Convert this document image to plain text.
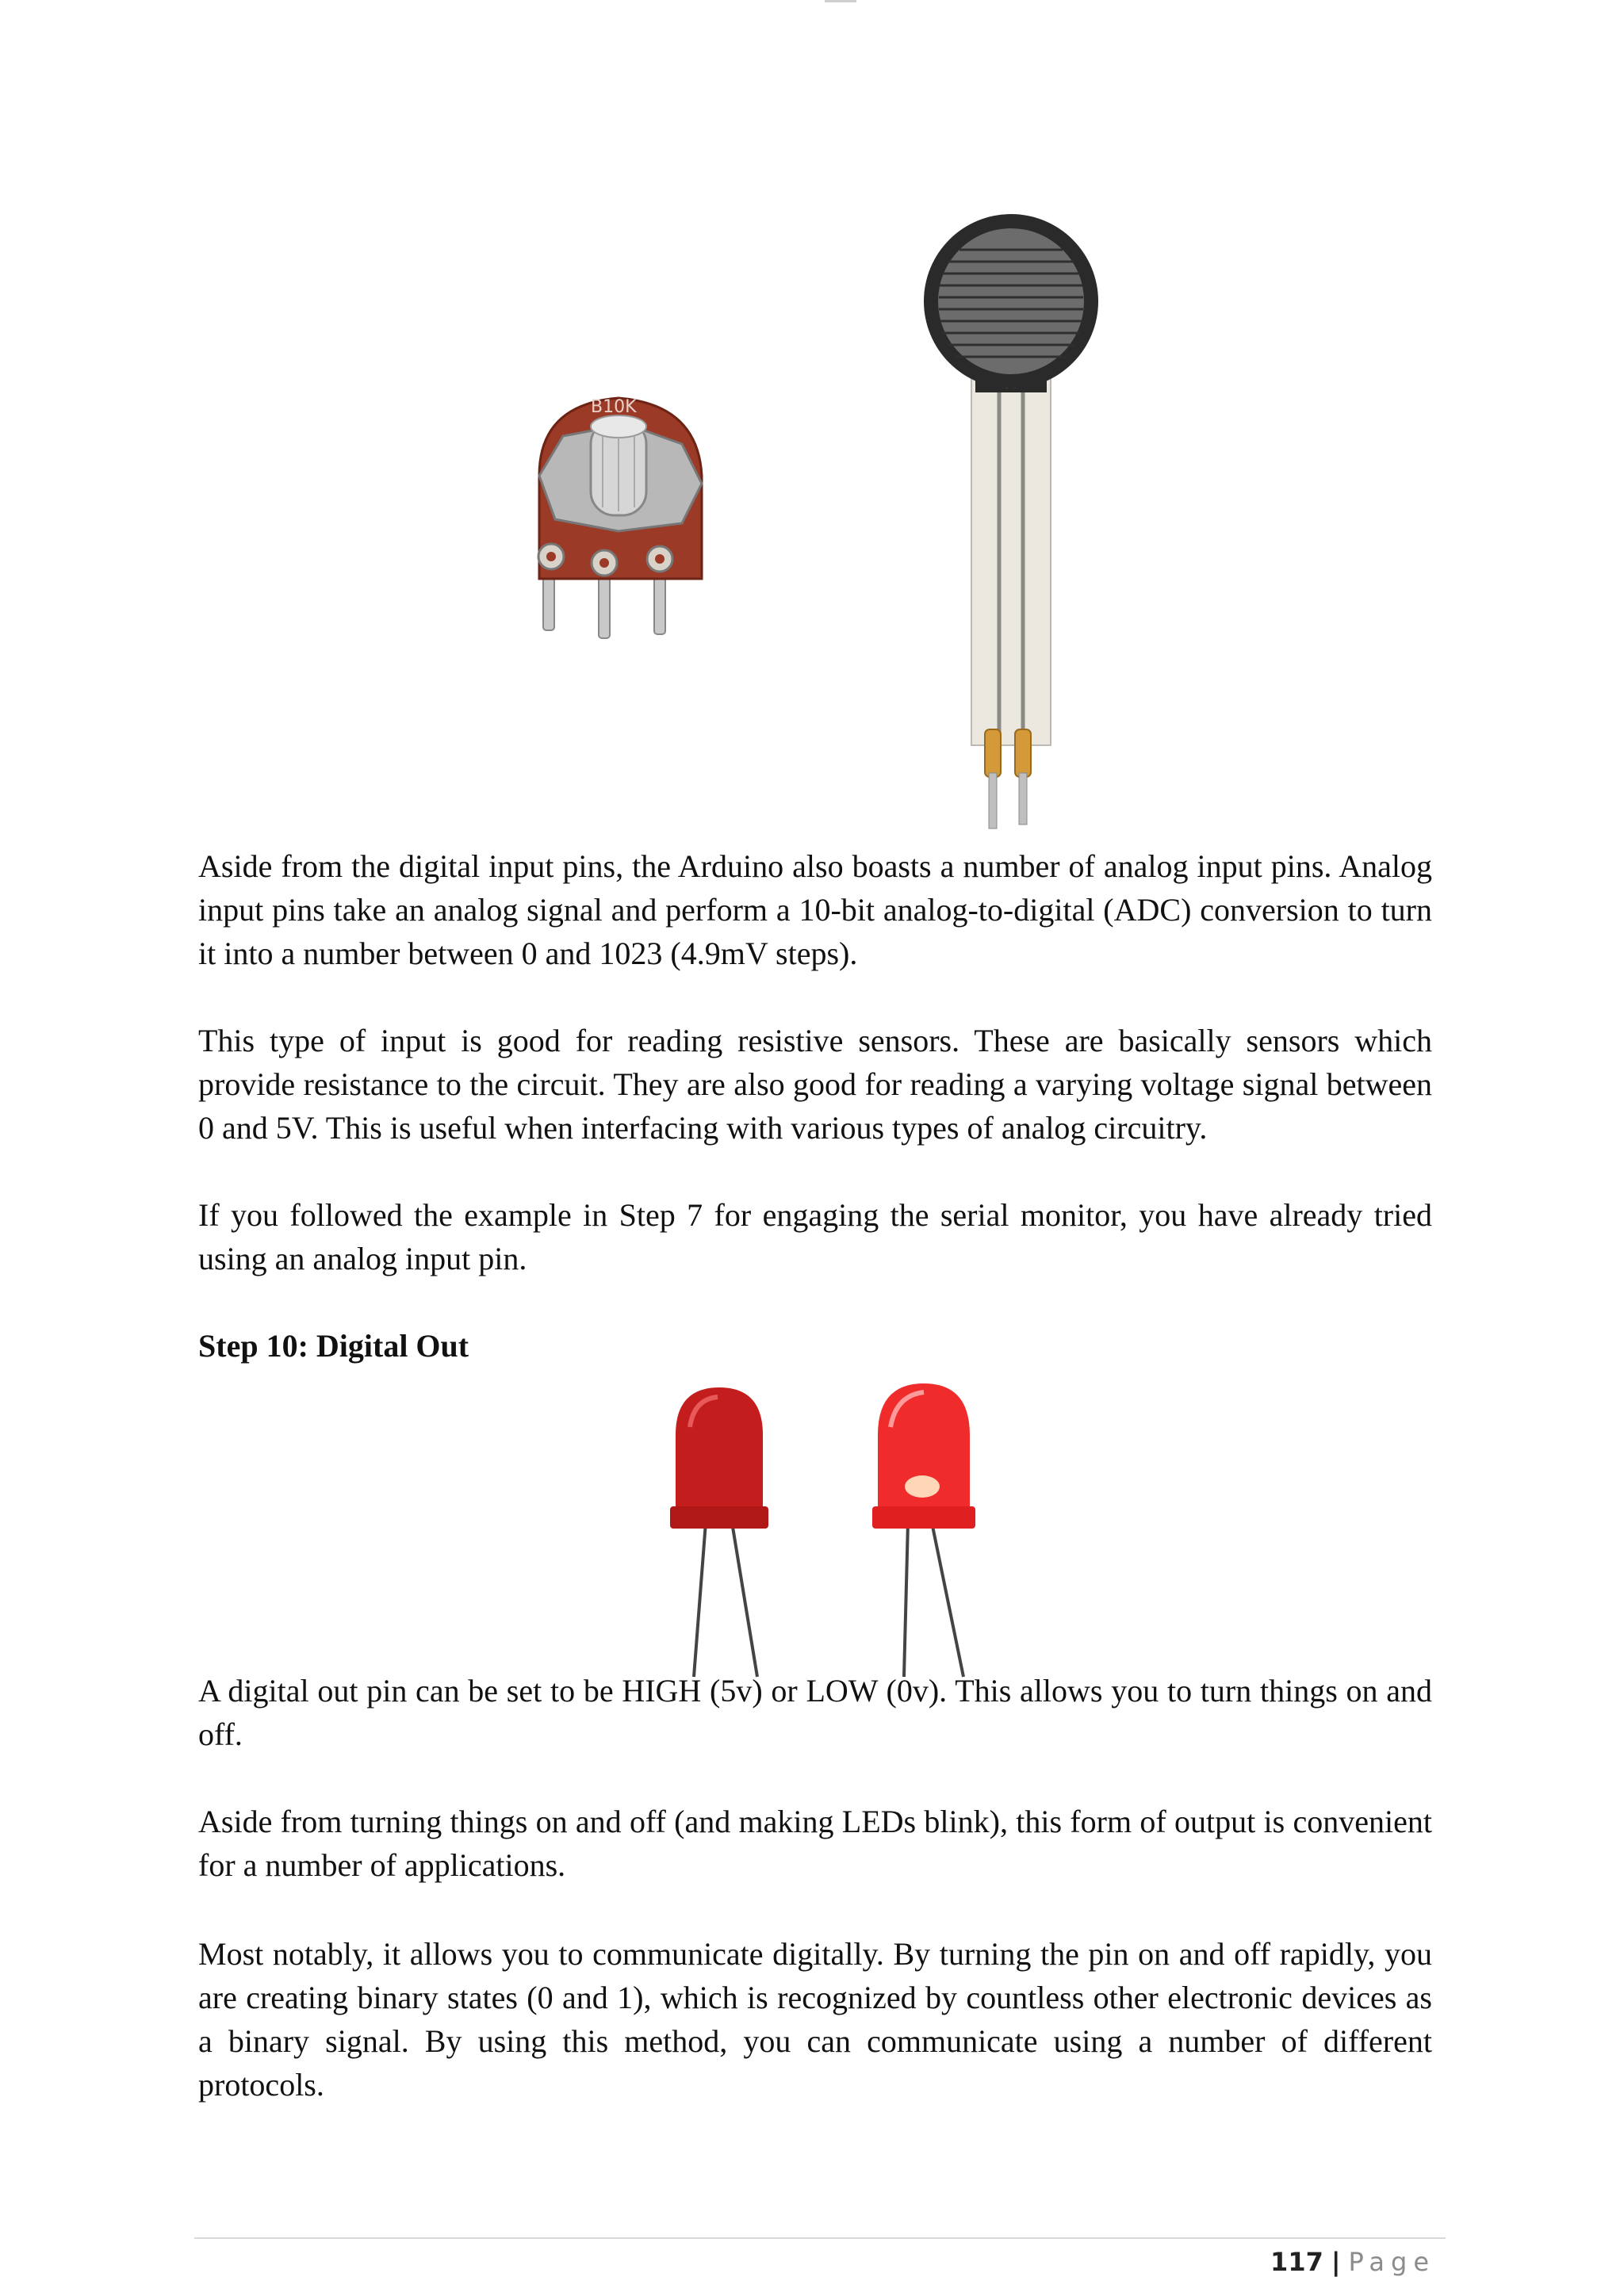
B10K

Aside from the digital input pins, the Arduino also boasts a number of analog input pins. Analog input pins take an analog signal and perform a 10-bit analog-to-digital (ADC) conversion to turn it into a number between 0 and 1023 (4.9mV steps).

This type of input is good for reading resistive sensors. These are basically sensors which provide resistance to the circuit. They are also good for reading a varying voltage signal between 0 and 5V. This is useful when interfacing with various types of analog circuitry.

If you followed the example in Step 7 for engaging the serial monitor, you have already tried using an analog input pin.

Step 10: Digital Out

A digital out pin can be set to be HIGH (5v) or LOW (0v). This allows you to turn things on and off.

Aside from turning things on and off (and making LEDs blink), this form of output is convenient for a number of applications.

Most notably, it allows you to communicate digitally. By turning the pin on and off rapidly, you are creating binary states (0 and 1), which is recognized by countless other electronic devices as a binary signal. By using this method, you can communicate using a number of different protocols.

117 | Page
